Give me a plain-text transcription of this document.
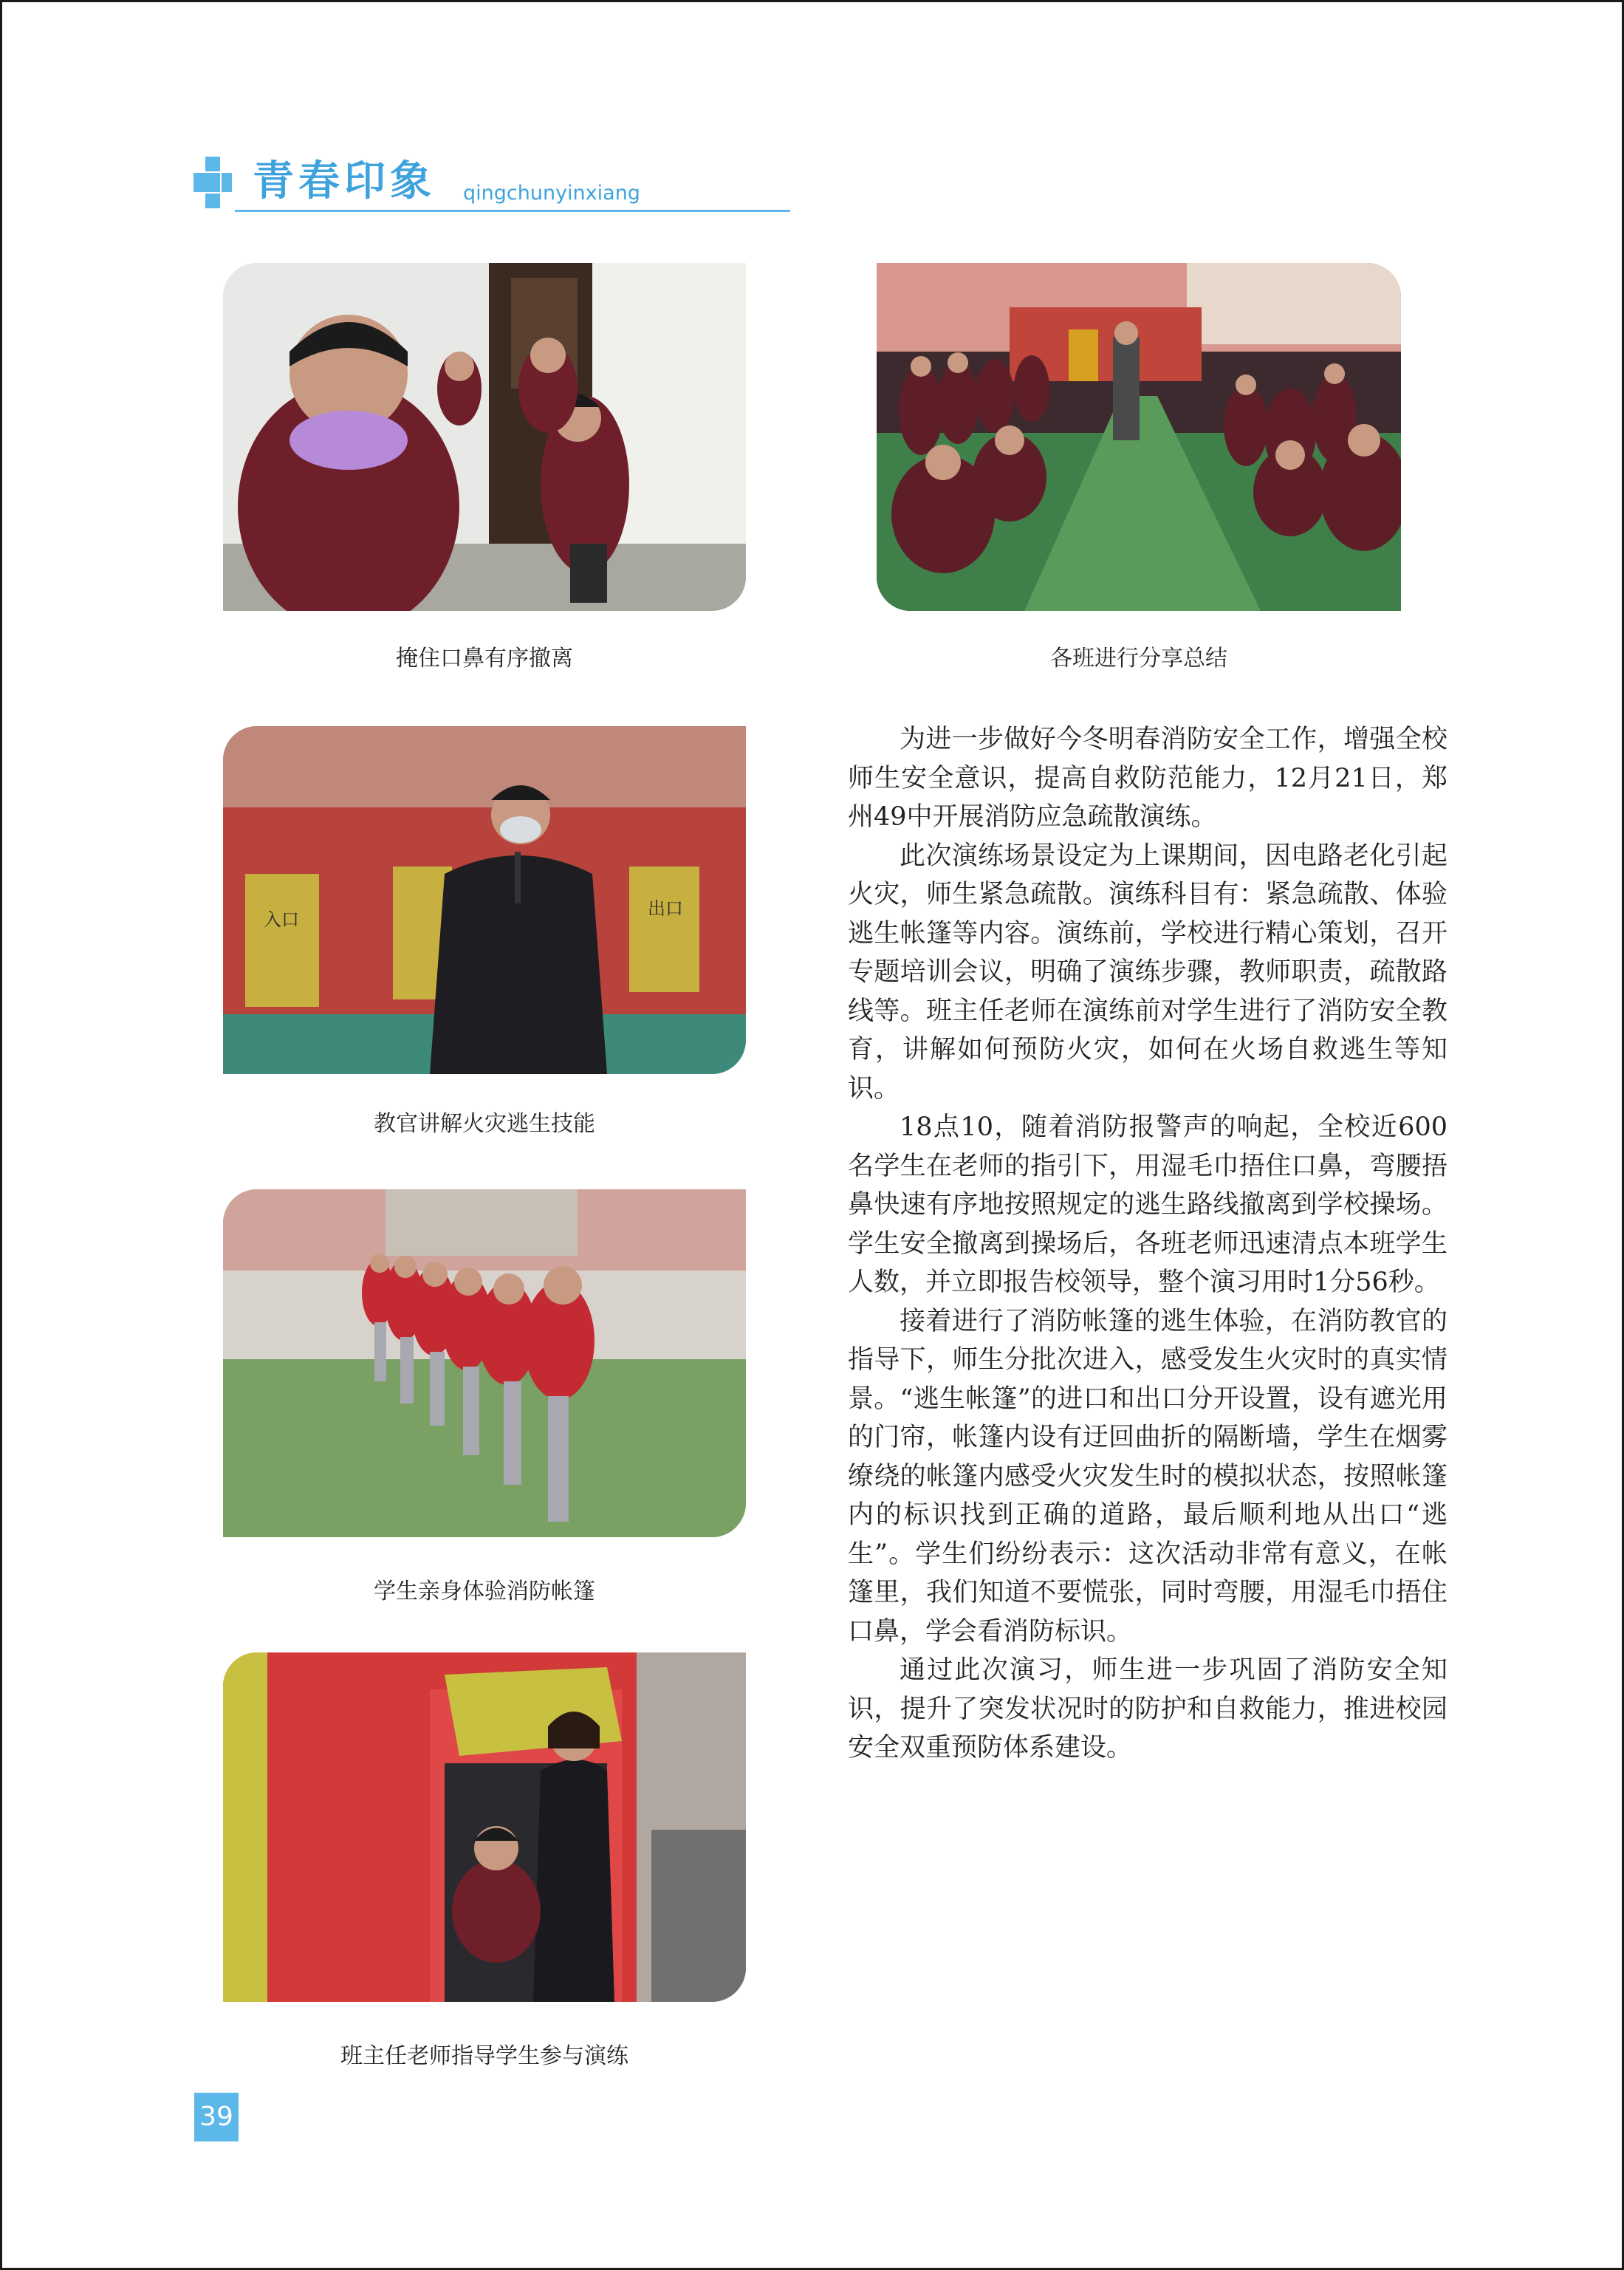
青春印象 qingchunyinxiang
掩住口鼻有序撤离	各班进行分享总结
入口
出口
教官讲解火灾逃生技能
学生亲身体验消防帐篷
班主任老师指导学生参与演练

为进一步做好今冬明春消防安全工作，增强全校师生安全意识，提高自救防范能力，12月21日，郑州49中开展消防应急疏散演练。

此次演练场景设定为上课期间，因电路老化引起火灾，师生紧急疏散。演练科目有：紧急疏散、体验逃生帐篷等内容。演练前，学校进行精心策划，召开专题培训会议，明确了演练步骤，教师职责，疏散路线等。班主任老师在演练前对学生进行了消防安全教育，讲解如何预防火灾，如何在火场自救逃生等知识。

18点10，随着消防报警声的响起，全校近600名学生在老师的指引下，用湿毛巾捂住口鼻，弯腰捂鼻快速有序地按照规定的逃生路线撤离到学校操场。学生安全撤离到操场后，各班老师迅速清点本班学生人数，并立即报告校领导，整个演习用时1分56秒。

接着进行了消防帐篷的逃生体验，在消防教官的指导下，师生分批次进入，感受发生火灾时的真实情景。“逃生帐篷”的进口和出口分开设置，设有遮光用的门帘，帐篷内设有迂回曲折的隔断墙，学生在烟雾缭绕的帐篷内感受火灾发生时的模拟状态，按照帐篷内的标识找到正确的道路，最后顺利地从出口“逃生”。学生们纷纷表示：这次活动非常有意义，在帐篷里，我们知道不要慌张，同时弯腰，用湿毛巾捂住口鼻，学会看消防标识。

通过此次演习，师生进一步巩固了消防安全知识，提升了突发状况时的防护和自救能力，推进校园安全双重预防体系建设。

39
